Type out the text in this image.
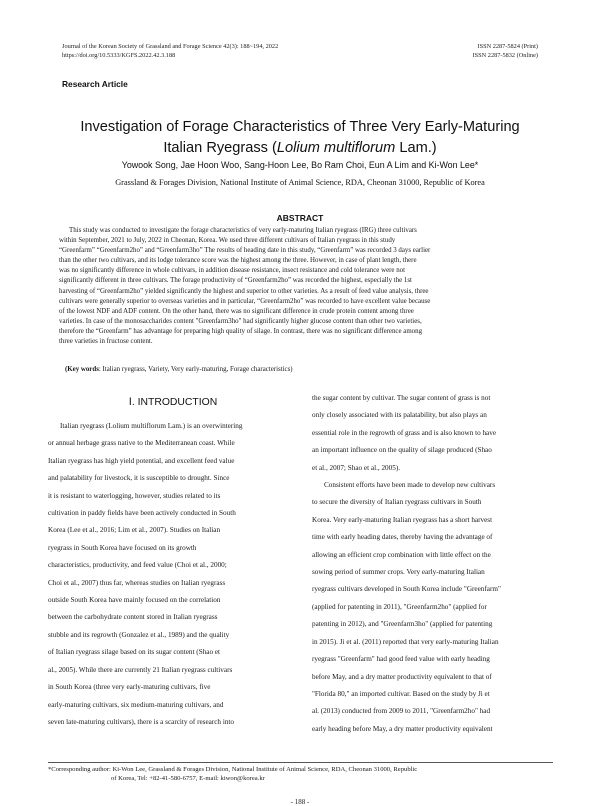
Journal of the Korean Society of Grassland and Forage Science 42(3): 188~194, 2022
https://doi.org/10.5333/KGFS.2022.42.3.188
ISSN 2287-5824 (Print)
ISSN 2287-5832 (Online)
Research Article
Investigation of Forage Characteristics of Three Very Early-Maturing
Italian Ryegrass (Lolium multiflorum Lam.)
Yowook Song, Jae Hoon Woo, Sang-Hoon Lee, Bo Ram Choi, Eun A Lim and Ki-Won Lee*
Grassland & Forages Division, National Institute of Animal Science, RDA, Cheonan 31000, Republic of Korea
ABSTRACT
This study was conducted to investigate the forage characteristics of very early-maturing Italian ryegrass (IRG) three cultivars
within September, 2021 to July, 2022 in Cheonan, Korea. We used three different cultivars of Italian ryegrass in this study
“Greenfarm” “Greenfarm2ho” and “Greenfarm3ho” The results of heading date in this study, “Greenfarm” was recorded 3 days earlier
than the other two cultivars, and its lodge tolerance score was the highest among the three. However, in case of plant length, there
was no significantly difference in whole cultivars, in addition disease resistance, insect resistance and cold tolerance were not
significantly different in three cultivars. The forage productivity of “Greenfarm2ho” was recorded the highest, especially the 1st
harvesting of “Greenfarm2ho” yielded significantly the highest and superior to other varieties. As a result of feed value analysis, three
cultivars were generally superior to overseas varieties and in particular, “Greenfarm2ho” was recorded to have excellent value because
of the lowest NDF and ADF content. On the other hand, there was no significant difference in crude protein content among three
varieties. In case of the monosaccharides content "Greenfarm3ho" had significantly higher glucose content than other two varieties,
therefore the “Greenfarm” has advantage for preparing high quality of silage. In contrast, there was no significant difference among
three varieties in fructose content.
(Key words: Italian ryegrass, Variety, Very early-maturing, Forage characteristics)
Ⅰ. INTRODUCTION
Italian ryegrass (Lolium multiflorum Lam.) is an overwintering
or annual herbage grass native to the Mediterranean coast. While
Italian ryegrass has high yield potential, and excellent feed value
and palatability for livestock, it is susceptible to drought. Since
it is resistant to waterlogging, however, studies related to its
cultivation in paddy fields have been actively conducted in South
Korea (Lee et al., 2016; Lim et al., 2007). Studies on Italian
ryegrass in South Korea have focused on its growth
characteristics, productivity, and feed value (Choi et al., 2000;
Choi et al., 2007) thus far, whereas studies on Italian ryegrass
outside South Korea have mainly focused on the correlation
between the carbohydrate content stored in Italian ryegrass
stubble and its regrowth (Gonzalez et al., 1989) and the quality
of Italian ryegrass silage based on its sugar content (Shao et
al., 2005). While there are currently 21 Italian ryegrass cultivars
in South Korea (three very early-maturing cultivars, five
early-maturing cultivars, six medium-maturing cultivars, and
seven late-maturing cultivars), there is a scarcity of research into
the sugar content by cultivar. The sugar content of grass is not
only closely associated with its palatability, but also plays an
essential role in the regrowth of grass and is also known to have
an important influence on the quality of silage produced (Shao
et al., 2007; Shao et al., 2005).
Consistent efforts have been made to develop new cultivars
to secure the diversity of Italian ryegrass cultivars in South
Korea. Very early-maturing Italian ryegrass has a short harvest
time with early heading dates, thereby having the advantage of
allowing an efficient crop combination with little effect on the
sowing period of summer crops. Very early-maturing Italian
ryegrass cultivars developed in South Korea include "Greenfarm"
(applied for patenting in 2011), "Greenfarm2ho" (applied for
patenting in 2012), and "Greenfarm3ho" (applied for patenting
in 2015). Ji et al. (2011) reported that very early-maturing Italian
ryegrass "Greenfarm" had good feed value with early heading
before May, and a dry matter productivity equivalent to that of
"Florida 80," an imported cultivar. Based on the study by Ji et
al. (2013) conducted from 2009 to 2011, "Greenfarm2ho" had
early heading before May, a dry matter productivity equivalent
*Corresponding author: Ki-Won Lee, Grassland & Forages Division, National Institute of Animal Science, RDA, Cheonan 31000, Republic
of Korea, Tel: +82-41-580-6757, E-mail: kiwon@korea.kr
- 188 -
